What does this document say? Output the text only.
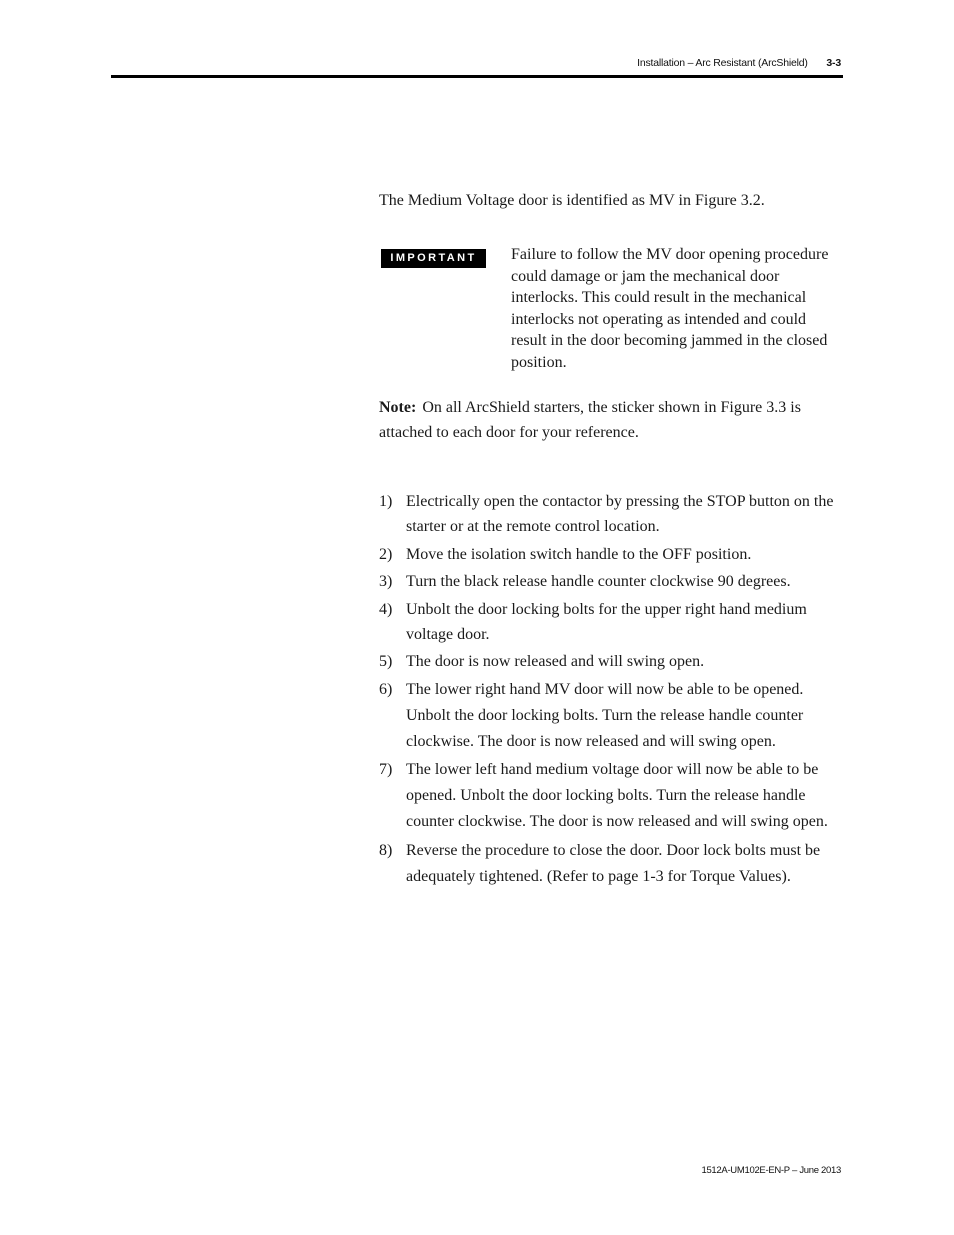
Installation – Arc Resistant (ArcShield) 3-3
The Medium Voltage door is identified as MV in Figure 3.2.
IMPORTANT	Failure to follow the MV door opening procedure could damage or jam the mechanical door interlocks. This could result in the mechanical interlocks not operating as intended and could result in the door becoming jammed in the closed position.
Note: On all ArcShield starters, the sticker shown in Figure 3.3 is attached to each door for your reference.
1) Electrically open the contactor by pressing the STOP button on the starter or at the remote control location.
2) Move the isolation switch handle to the OFF position.
3) Turn the black release handle counter clockwise 90 degrees.
4) Unbolt the door locking bolts for the upper right hand medium voltage door.
5) The door is now released and will swing open.
6) The lower right hand MV door will now be able to be opened. Unbolt the door locking bolts. Turn the release handle counter clockwise. The door is now released and will swing open.
7) The lower left hand medium voltage door will now be able to be opened. Unbolt the door locking bolts. Turn the release handle counter clockwise. The door is now released and will swing open.
8) Reverse the procedure to close the door. Door lock bolts must be adequately tightened. (Refer to page 1-3 for Torque Values).
1512A-UM102E-EN-P – June 2013
